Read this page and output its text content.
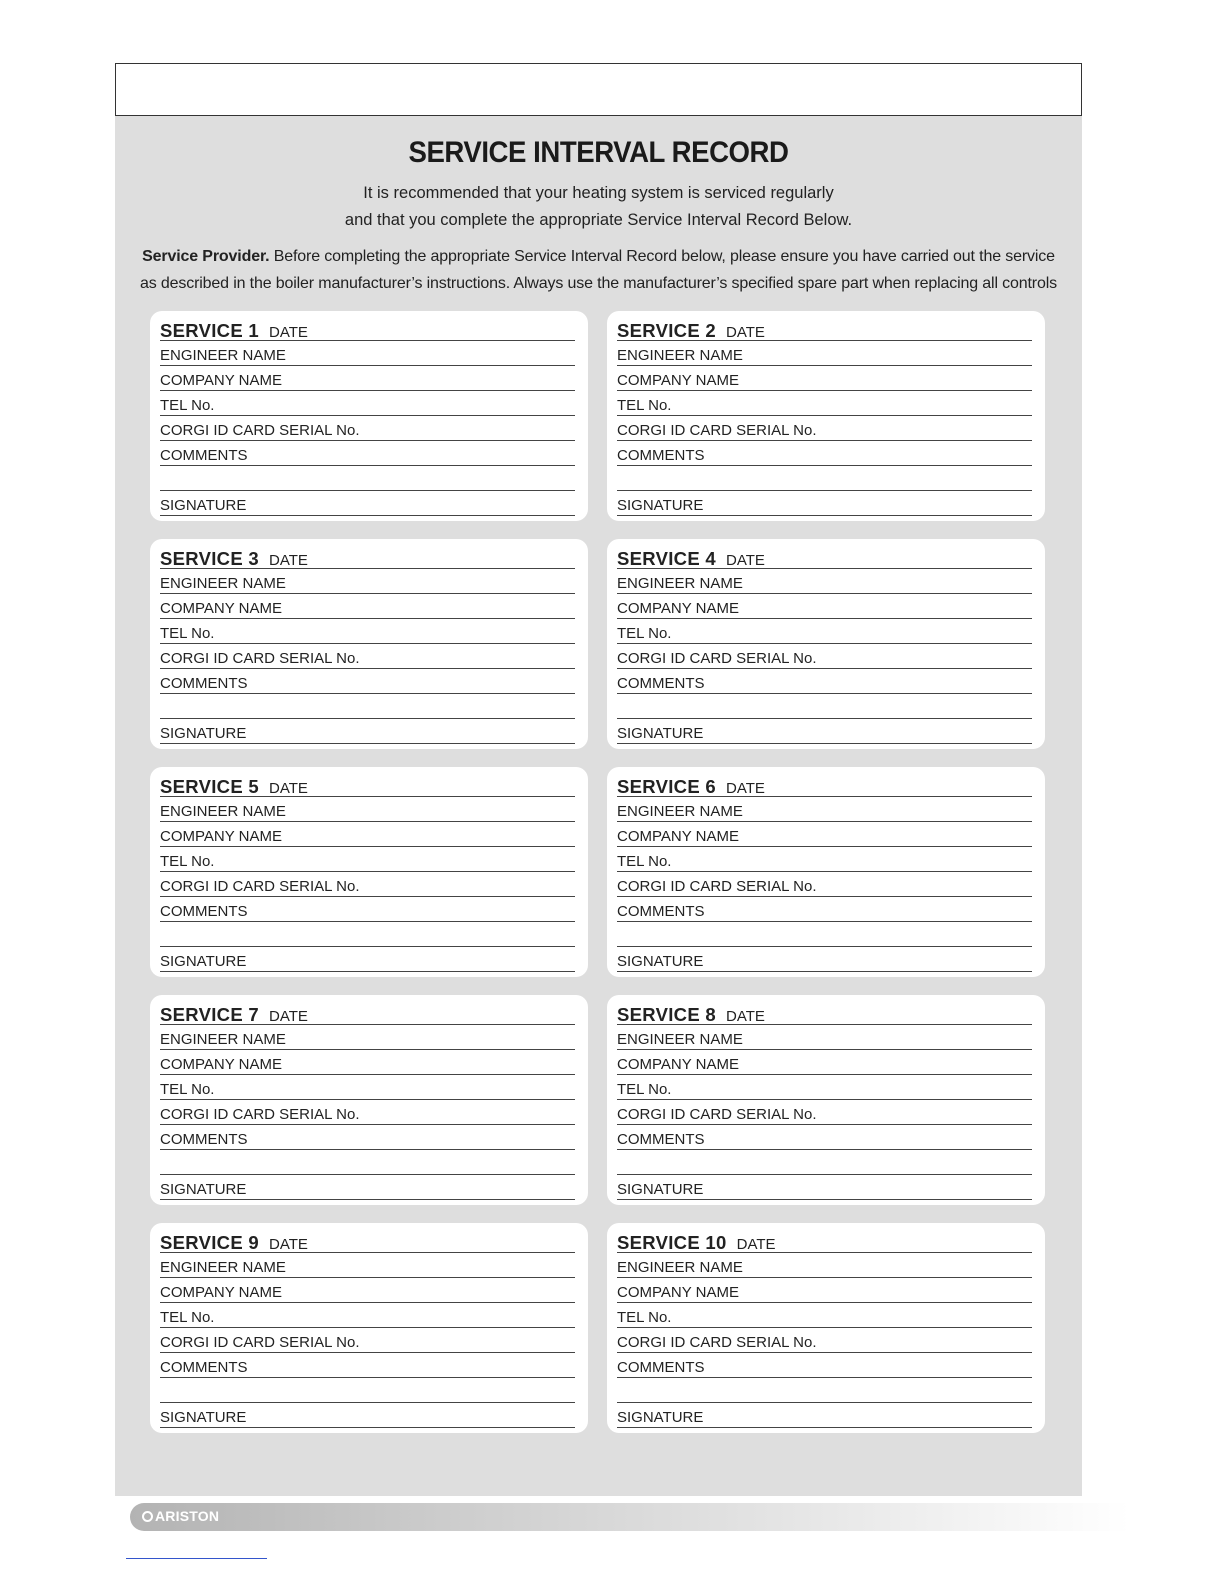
SERVICE INTERVAL RECORD
It is recommended that your heating system is serviced regularly
and that you complete the appropriate Service Interval Record Below.
Service Provider. Before completing the appropriate Service Interval Record below, please ensure you have carried out the service as described in the boiler manufacturer’s instructions. Always use the manufacturer’s specified spare part when replacing all controls
SERVICE 1 DATE
ENGINEER NAME
COMPANY NAME
TEL No.
CORGI ID CARD SERIAL No.
COMMENTS
SIGNATURE
SERVICE 2 DATE
ENGINEER NAME
COMPANY NAME
TEL No.
CORGI ID CARD SERIAL No.
COMMENTS
SIGNATURE
SERVICE 3 DATE
ENGINEER NAME
COMPANY NAME
TEL No.
CORGI ID CARD SERIAL No.
COMMENTS
SIGNATURE
SERVICE 4 DATE
ENGINEER NAME
COMPANY NAME
TEL No.
CORGI ID CARD SERIAL No.
COMMENTS
SIGNATURE
SERVICE 5 DATE
ENGINEER NAME
COMPANY NAME
TEL No.
CORGI ID CARD SERIAL No.
COMMENTS
SIGNATURE
SERVICE 6 DATE
ENGINEER NAME
COMPANY NAME
TEL No.
CORGI ID CARD SERIAL No.
COMMENTS
SIGNATURE
SERVICE 7 DATE
ENGINEER NAME
COMPANY NAME
TEL No.
CORGI ID CARD SERIAL No.
COMMENTS
SIGNATURE
SERVICE 8 DATE
ENGINEER NAME
COMPANY NAME
TEL No.
CORGI ID CARD SERIAL No.
COMMENTS
SIGNATURE
SERVICE 9 DATE
ENGINEER NAME
COMPANY NAME
TEL No.
CORGI ID CARD SERIAL No.
COMMENTS
SIGNATURE
SERVICE 10 DATE
ENGINEER NAME
COMPANY NAME
TEL No.
CORGI ID CARD SERIAL No.
COMMENTS
SIGNATURE
ARISTON
